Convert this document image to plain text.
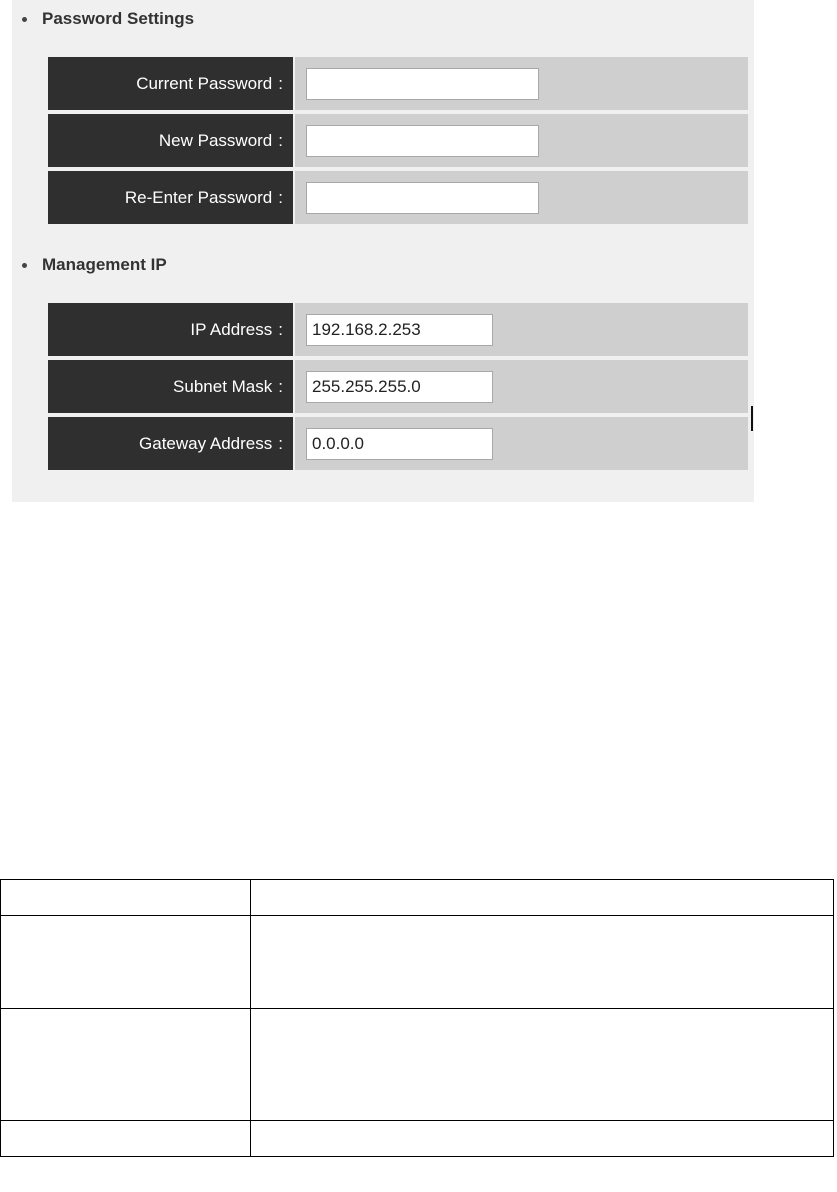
Password Settings
Current Password :
New Password :
Re-Enter Password :
Management IP
IP Address :
192.168.2.253
Subnet Mask :
255.255.255.0
Gateway Address :
0.0.0.0
